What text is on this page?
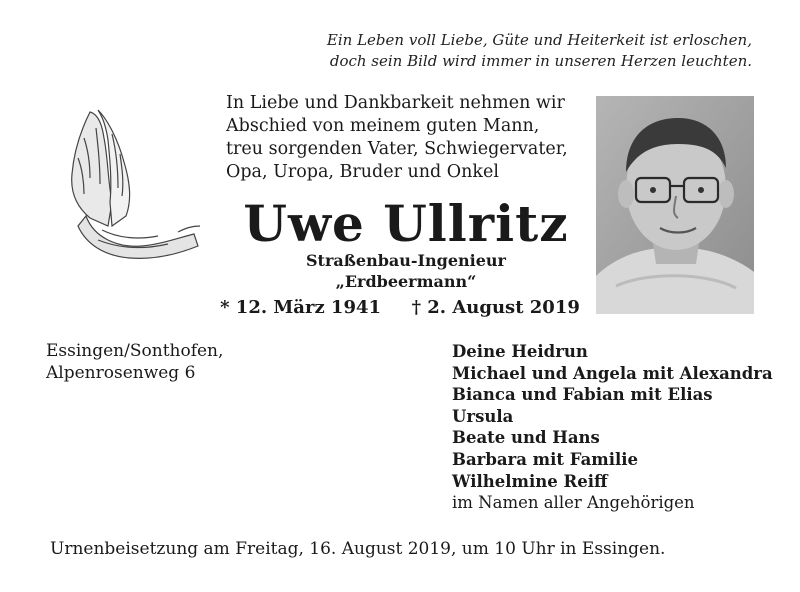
Ein Leben voll Liebe, Güte und Heiterkeit ist erloschen,
doch sein Bild wird immer in unseren Herzen leuchten.
In Liebe und Dankbarkeit nehmen wir
Abschied von meinem guten Mann,
treu sorgenden Vater, Schwiegervater,
Opa, Uropa, Bruder und Onkel
Uwe Ullritz
Straßenbau-Ingenieur
„Erdbeermann“
* 12. März 1941 † 2. August 2019
Essingen/Sonthofen,
Alpenrosenweg 6
Deine Heidrun
Michael und Angela mit Alexandra
Bianca und Fabian mit Elias
Ursula
Beate und Hans
Barbara mit Familie
Wilhelmine Reiff
im Namen aller Angehörigen
Urnenbeisetzung am Freitag, 16. August 2019, um 10 Uhr in Essingen.
